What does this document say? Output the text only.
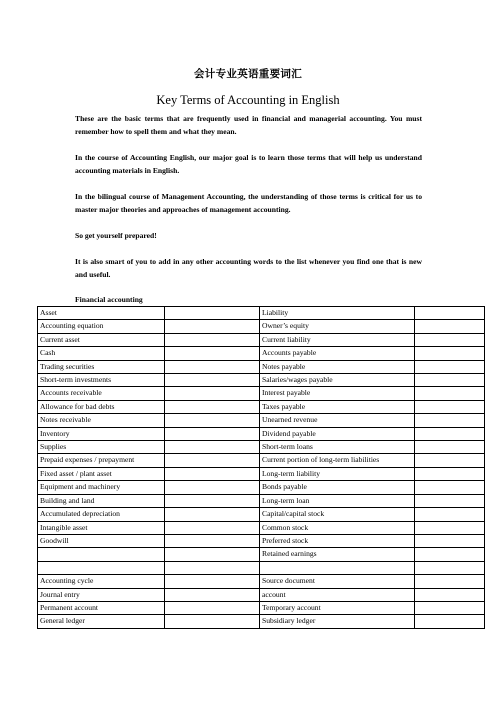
会计专业英语重要词汇
Key Terms of Accounting in English

These are the basic terms that are frequently used in financial and managerial accounting. You must remember how to spell them and what they mean.

In the course of Accounting English, our major goal is to learn those terms that will help us understand accounting materials in English.

In the bilingual course of Management Accounting, the understanding of those terms is critical for us to master major theories and approaches of management accounting.

So get yourself prepared!

It is also smart of you to add in any other accounting words to the list whenever you find one that is new and useful.

Financial accounting
Asset		Liability	
Accounting equation		Owner’s equity	
Current asset		Current liability	
Cash		Accounts payable	
Trading securities		Notes payable	
Short-term investments		Salaries/wages payable	
Accounts receivable		Interest payable	
Allowance for bad debts		Taxes payable	
Notes receivable		Unearned revenue	
Inventory		Dividend payable	
Supplies		Short-term loans	
Prepaid expenses / prepayment		Current portion of long-term liabilities	
Fixed asset / plant asset		Long-term liability	
Equipment and machinery		Bonds payable	
Building and land		Long-term loan	
Accumulated depreciation		Capital/capital stock	
Intangible asset		Common stock	
Goodwill		Preferred stock	
		Retained earnings	

Accounting cycle		Source document	
Journal entry		account	
Permanent account		Temporary account	
General ledger		Subsidiary ledger	
